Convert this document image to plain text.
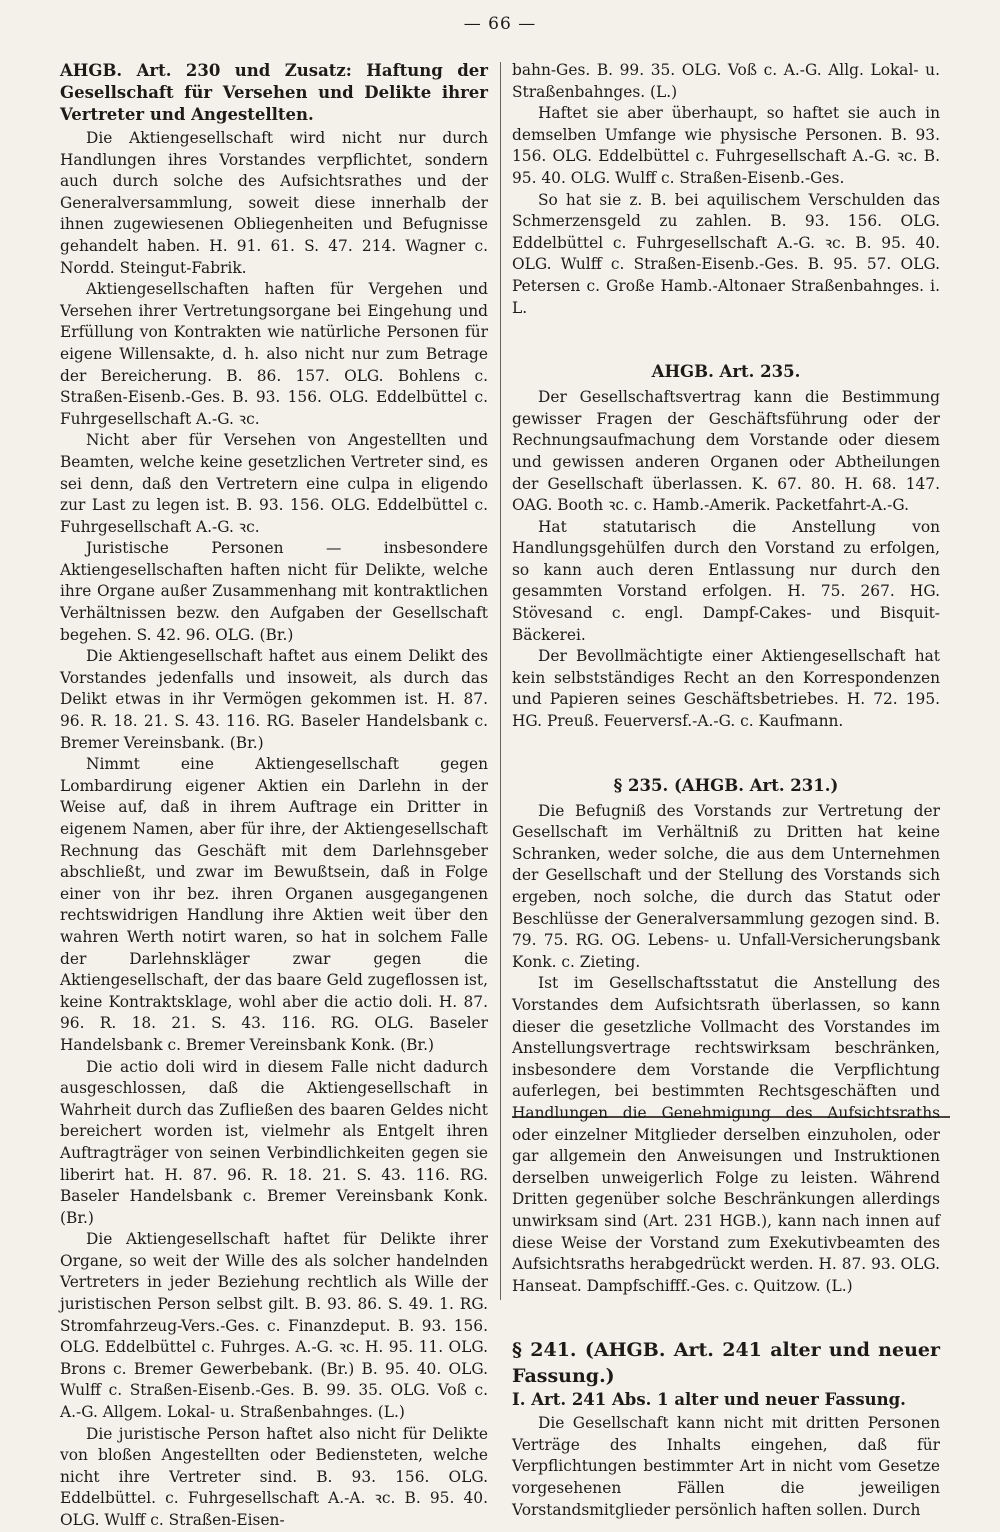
— 66 —
AHGB. Art. 230 und Zusatz: Haftung der Gesellschaft für Versehen und Delikte ihrer Vertreter und Angestellten.

Die Aktiengesellschaft wird nicht nur durch Handlungen ihres Vorstandes verpflichtet, sondern auch durch solche des Aufsichtsrathes und der Generalversammlung, soweit diese innerhalb der ihnen zugewiesenen Obliegenheiten und Befugnisse gehandelt haben. H. 91. 61. S. 47. 214. Wagner c. Nordd. Steingut-Fabrik.

Aktiengesellschaften haften für Vergehen und Versehen ihrer Vertretungsorgane bei Eingehung und Erfüllung von Kontrakten wie natürliche Personen für eigene Willensakte, d. h. also nicht nur zum Betrage der Bereicherung. B. 86. 157. OLG. Bohlens c. Straßen-Eisenb.-Ges. B. 93. 156. OLG. Eddelbüttel c. Fuhrgesellschaft A.-G. ꝛc.

Nicht aber für Versehen von Angestellten und Beamten, welche keine gesetzlichen Vertreter sind, es sei denn, daß den Vertretern eine culpa in eligendo zur Last zu legen ist. B. 93. 156. OLG. Eddelbüttel c. Fuhrgesellschaft A.-G. ꝛc.

Juristische Personen — insbesondere Aktiengesellschaften haften nicht für Delikte, welche ihre Organe außer Zusammenhang mit kontraktlichen Verhältnissen bezw. den Aufgaben der Gesellschaft begehen. S. 42. 96. OLG. (Br.)

Die Aktiengesellschaft haftet aus einem Delikt des Vorstandes jedenfalls und insoweit, als durch das Delikt etwas in ihr Vermögen gekommen ist. H. 87. 96. R. 18. 21. S. 43. 116. RG. Baseler Handelsbank c. Bremer Vereinsbank. (Br.)

Nimmt eine Aktiengesellschaft gegen Lombardirung eigener Aktien ein Darlehn in der Weise auf, daß in ihrem Auftrage ein Dritter in eigenem Namen, aber für ihre, der Aktiengesellschaft Rechnung das Geschäft mit dem Darlehnsgeber abschließt, und zwar im Bewußtsein, daß in Folge einer von ihr bez. ihren Organen ausgegangenen rechtswidrigen Handlung ihre Aktien weit über den wahren Werth notirt waren, so hat in solchem Falle der Darlehnskläger zwar gegen die Aktiengesellschaft, der das baare Geld zugeflossen ist, keine Kontraktsklage, wohl aber die actio doli. H. 87. 96. R. 18. 21. S. 43. 116. RG. OLG. Baseler Handelsbank c. Bremer Vereinsbank Konk. (Br.)

Die actio doli wird in diesem Falle nicht dadurch ausgeschlossen, daß die Aktiengesellschaft in Wahrheit durch das Zufließen des baaren Geldes nicht bereichert worden ist, vielmehr als Entgelt ihren Auftragträger von seinen Verbindlichkeiten gegen sie liberirt hat. H. 87. 96. R. 18. 21. S. 43. 116. RG. Baseler Handelsbank c. Bremer Vereinsbank Konk. (Br.)

Die Aktiengesellschaft haftet für Delikte ihrer Organe, so weit der Wille des als solcher handelnden Vertreters in jeder Beziehung rechtlich als Wille der juristischen Person selbst gilt. B. 93. 86. S. 49. 1. RG. Stromfahrzeug-Vers.-Ges. c. Finanzdeput. B. 93. 156. OLG. Eddelbüttel c. Fuhrges. A.-G. ꝛc. H. 95. 11. OLG. Brons c. Bremer Gewerbebank. (Br.) B. 95. 40. OLG. Wulff c. Straßen-Eisenb.-Ges. B. 99. 35. OLG. Voß c. A.-G. Allgem. Lokal- u. Straßenbahnges. (L.)

Die juristische Person haftet also nicht für Delikte von bloßen Angestellten oder Bediensteten, welche nicht ihre Vertreter sind. B. 93. 156. OLG. Eddelbüttel. c. Fuhrgesellschaft A.-A. ꝛc. B. 95. 40. OLG. Wulff c. Straßen-Eisen-

bahn-Ges. B. 99. 35. OLG. Voß c. A.-G. Allg. Lokal- u. Straßenbahnges. (L.)

Haftet sie aber überhaupt, so haftet sie auch in demselben Umfange wie physische Personen. B. 93. 156. OLG. Eddelbüttel c. Fuhrgesellschaft A.-G. ꝛc. B. 95. 40. OLG. Wulff c. Straßen-Eisenb.-Ges.

So hat sie z. B. bei aquilischem Verschulden das Schmerzensgeld zu zahlen. B. 93. 156. OLG. Eddelbüttel c. Fuhrgesellschaft A.-G. ꝛc. B. 95. 40. OLG. Wulff c. Straßen-Eisenb.-Ges. B. 95. 57. OLG. Petersen c. Große Hamb.-Altonaer Straßenbahnges. i. L.

AHGB. Art. 235.

Der Gesellschaftsvertrag kann die Bestimmung gewisser Fragen der Geschäftsführung oder der Rechnungsaufmachung dem Vorstande oder diesem und gewissen anderen Organen oder Abtheilungen der Gesellschaft überlassen. K. 67. 80. H. 68. 147. OAG. Booth ꝛc. c. Hamb.-Amerik. Packetfahrt-A.-G.

Hat statutarisch die Anstellung von Handlungsgehülfen durch den Vorstand zu erfolgen, so kann auch deren Entlassung nur durch den gesammten Vorstand erfolgen. H. 75. 267. HG. Stövesand c. engl. Dampf-Cakes- und Bisquit-Bäckerei.

Der Bevollmächtigte einer Aktiengesellschaft hat kein selbstständiges Recht an den Korrespondenzen und Papieren seines Geschäftsbetriebes. H. 72. 195. HG. Preuß. Feuerversf.-A.-G. c. Kaufmann.

§ 235. (AHGB. Art. 231.)

Die Befugniß des Vorstands zur Vertretung der Gesellschaft im Verhältniß zu Dritten hat keine Schranken, weder solche, die aus dem Unternehmen der Gesellschaft und der Stellung des Vorstands sich ergeben, noch solche, die durch das Statut oder Beschlüsse der Generalversammlung gezogen sind. B. 79. 75. RG. OG. Lebens- u. Unfall-Versicherungsbank Konk. c. Zieting.

Ist im Gesellschaftsstatut die Anstellung des Vorstandes dem Aufsichtsrath überlassen, so kann dieser die gesetzliche Vollmacht des Vorstandes im Anstellungsvertrage rechtswirksam beschränken, insbesondere dem Vorstande die Verpflichtung auferlegen, bei bestimmten Rechtsgeschäften und Handlungen die Genehmigung des Aufsichtsraths oder einzelner Mitglieder derselben einzuholen, oder gar allgemein den Anweisungen und Instruktionen derselben unweigerlich Folge zu leisten. Während Dritten gegenüber solche Beschränkungen allerdings unwirksam sind (Art. 231 HGB.), kann nach innen auf diese Weise der Vorstand zum Exekutivbeamten des Aufsichtsraths herabgedrückt werden. H. 87. 93. OLG. Hanseat. Dampfschifff.-Ges. c. Quitzow. (L.)

§ 241. (AHGB. Art. 241 alter und neuer Fassung.)
I. Art. 241 Abs. 1 alter und neuer Fassung.

Die Gesellschaft kann nicht mit dritten Personen Verträge des Inhalts eingehen, daß für Verpflichtungen bestimmter Art in nicht vom Gesetze vorgesehenen Fällen die jeweiligen Vorstandsmitglieder persönlich haften sollen. Durch
